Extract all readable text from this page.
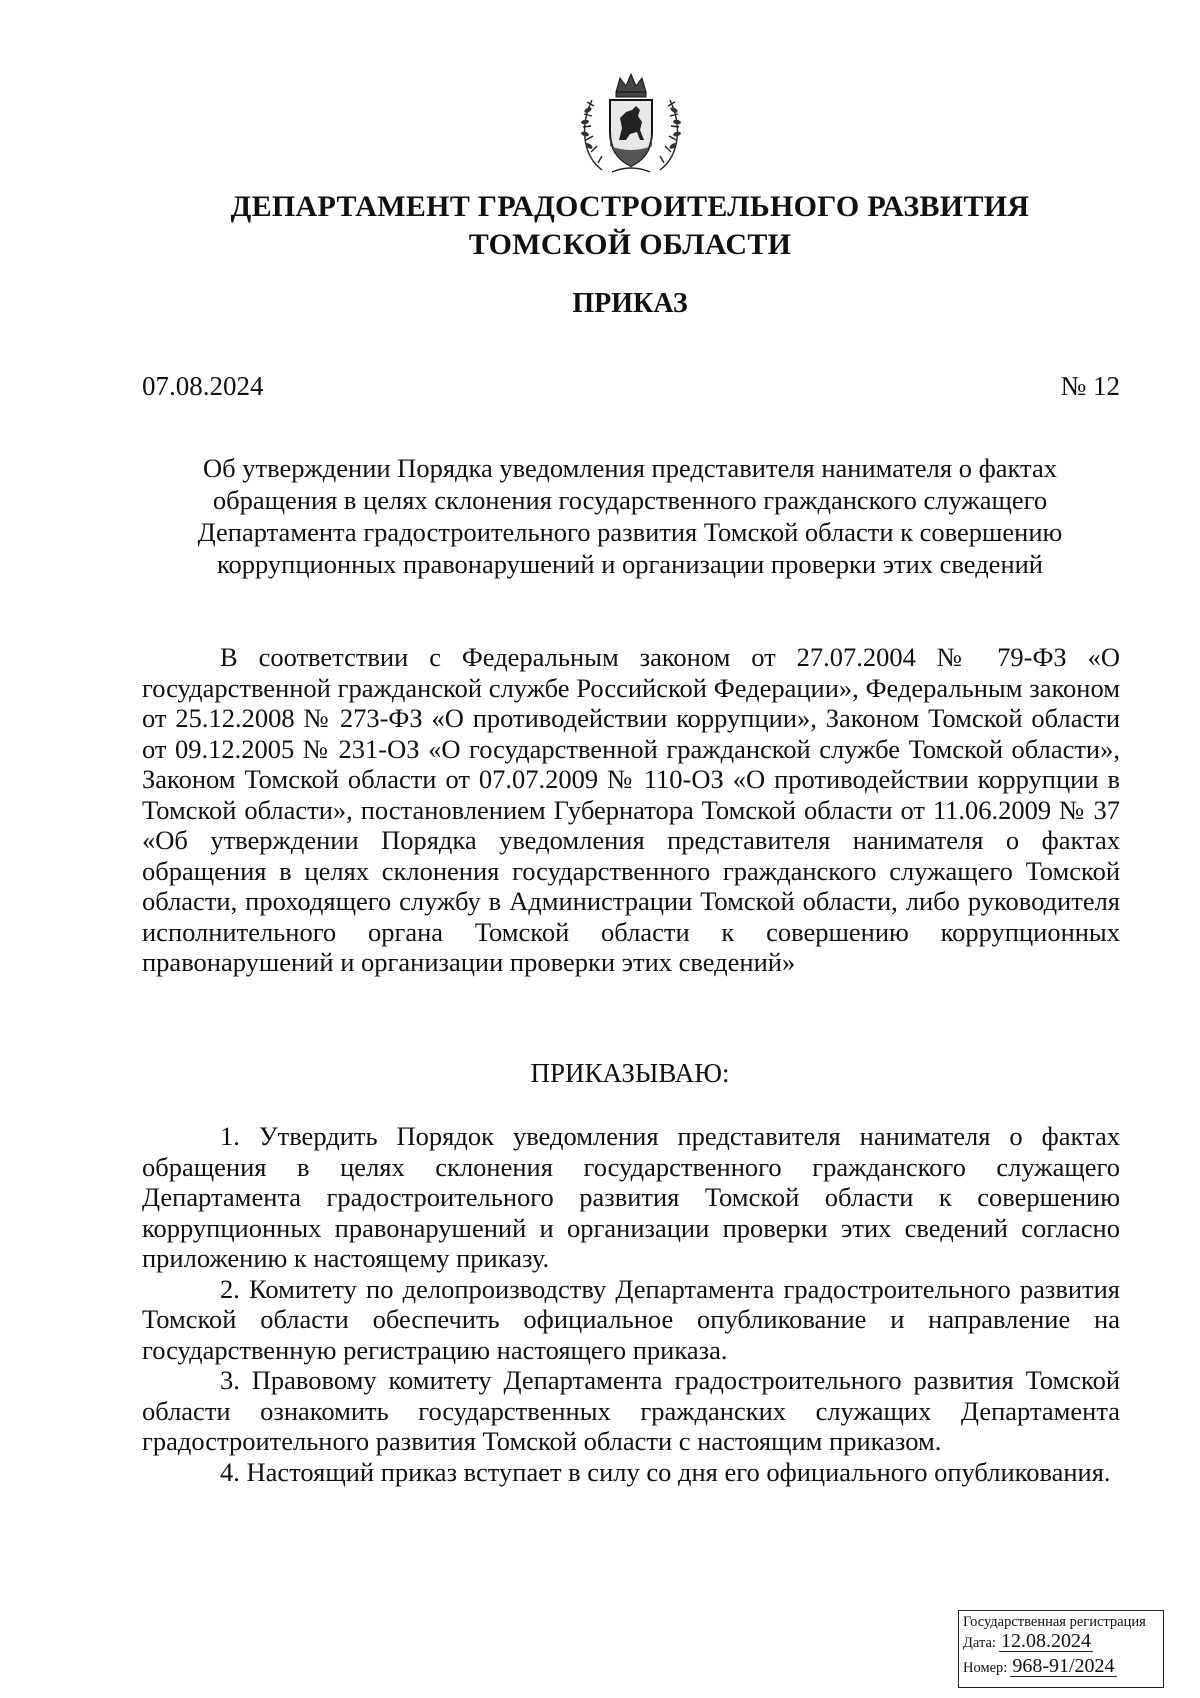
ДЕПАРТАМЕНТ ГРАДОСТРОИТЕЛЬНОГО РАЗВИТИЯ
ТОМСКОЙ ОБЛАСТИ
ПРИКАЗ
07.08.2024	№ 12
Об утверждении Порядка уведомления представителя нанимателя о фактах обращения в целях склонения государственного гражданского служащего Департамента градостроительного развития Томской области к совершению коррупционных правонарушений и организации проверки этих сведений

В соответствии с Федеральным законом от 27.07.2004 № 79-ФЗ «О государственной гражданской службе Российской Федерации», Федеральным законом от 25.12.2008 № 273-ФЗ «О противодействии коррупции», Законом Томской области от 09.12.2005 № 231-ОЗ «О государственной гражданской службе Томской области», Законом Томской области от 07.07.2009 № 110-ОЗ «О противодействии коррупции в Томской области», постановлением Губернатора Томской области от 11.06.2009 № 37 «Об утверждении Порядка уведомления представителя нанимателя о фактах обращения в целях склонения государственного гражданского служащего Томской области, проходящего службу в Администрации Томской области, либо руководителя исполнительного органа Томской области к совершению коррупционных правонарушений и организации проверки этих сведений»

ПРИКАЗЫВАЮ:

1. Утвердить Порядок уведомления представителя нанимателя о фактах обращения в целях склонения государственного гражданского служащего Департамента градостроительного развития Томской области к совершению коррупционных правонарушений и организации проверки этих сведений согласно приложению к настоящему приказу.

2. Комитету по делопроизводству Департамента градостроительного развития Томской области обеспечить официальное опубликование и направление на государственную регистрацию настоящего приказа.

3. Правовому комитету Департамента градостроительного развития Томской области ознакомить государственных гражданских служащих Департамента градостроительного развития Томской области с настоящим приказом.

4. Настоящий приказ вступает в силу со дня его официального опубликования.

Государственная регистрация
Дата: 12.08.2024
Номер: 968-91/2024
